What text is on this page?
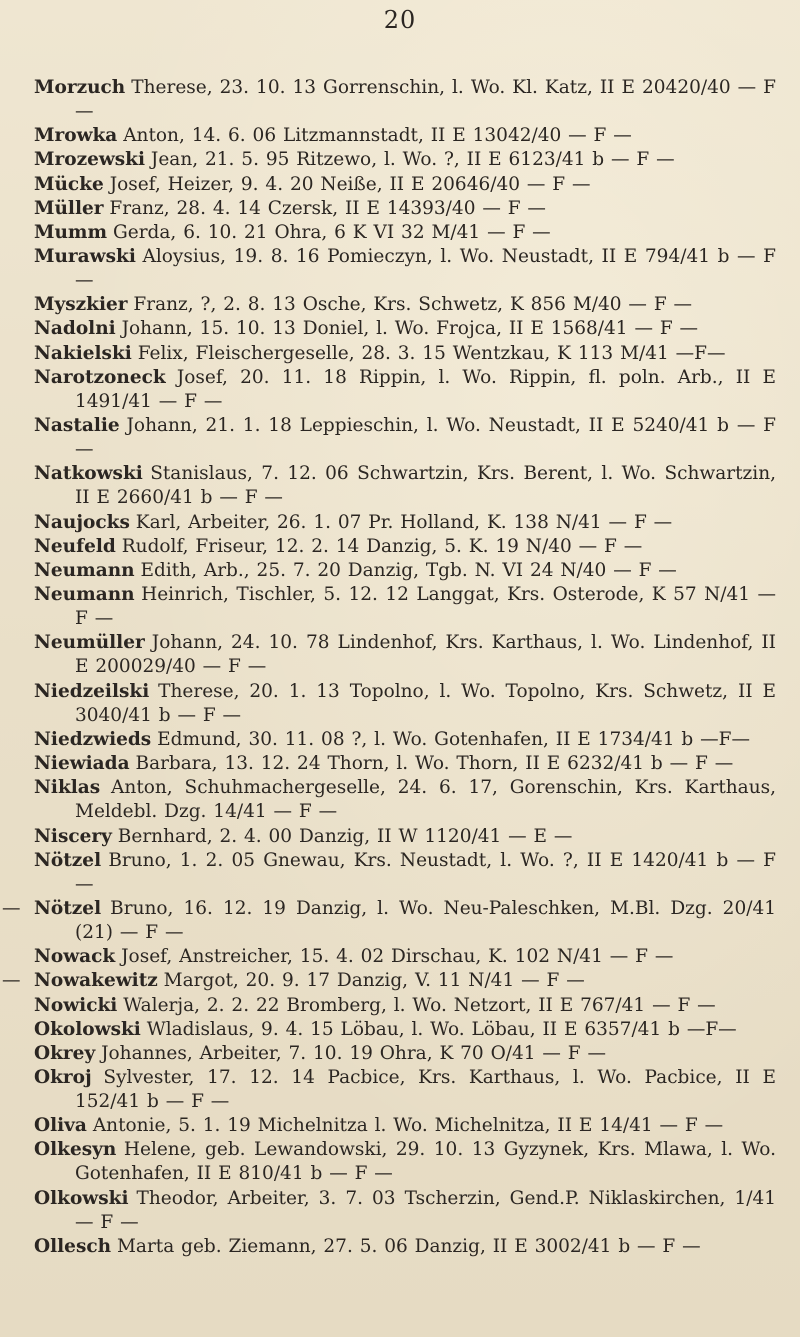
20
Morzuch Therese, 23. 10. 13 Gorrenschin, l. Wo. Kl. Katz, II E 20420/40 — F —
Mrowka Anton, 14. 6. 06 Litzmannstadt, II E 13042/40 — F —
Mrozewski Jean, 21. 5. 95 Ritzewo, l. Wo. ?, II E 6123/41 b — F —
Mücke Josef, Heizer, 9. 4. 20 Neiße, II E 20646/40 — F —
Müller Franz, 28. 4. 14 Czersk, II E 14393/40 — F —
Mumm Gerda, 6. 10. 21 Ohra, 6 K VI 32 M/41 — F —
Murawski Aloysius, 19. 8. 16 Pomieczyn, l. Wo. Neustadt, II E 794/41 b — F —
Myszkier Franz, ?, 2. 8. 13 Osche, Krs. Schwetz, K 856 M/40 — F —
Nadolni Johann, 15. 10. 13 Doniel, l. Wo. Frojca, II E 1568/41 — F —
Nakielski Felix, Fleischergeselle, 28. 3. 15 Wentzkau, K 113 M/41 —F—
Narotzoneck Josef, 20. 11. 18 Rippin, l. Wo. Rippin, fl. poln. Arb., II E 1491/41 — F —
Nastalie Johann, 21. 1. 18 Leppieschin, l. Wo. Neustadt, II E 5240/41 b — F —
Natkowski Stanislaus, 7. 12. 06 Schwartzin, Krs. Berent, l. Wo. Schwartzin, II E 2660/41 b — F —
Naujocks Karl, Arbeiter, 26. 1. 07 Pr. Holland, K. 138 N/41 — F —
Neufeld Rudolf, Friseur, 12. 2. 14 Danzig, 5. K. 19 N/40 — F —
Neumann Edith, Arb., 25. 7. 20 Danzig, Tgb. N. VI 24 N/40 — F —
Neumann Heinrich, Tischler, 5. 12. 12 Langgat, Krs. Osterode, K 57 N/41 — F —
Neumüller Johann, 24. 10. 78 Lindenhof, Krs. Karthaus, l. Wo. Lindenhof, II E 200029/40 — F —
Niedzeilski Therese, 20. 1. 13 Topolno, l. Wo. Topolno, Krs. Schwetz, II E 3040/41 b — F —
Niedzwieds Edmund, 30. 11. 08 ?, l. Wo. Gotenhafen, II E 1734/41 b —F—
Niewiada Barbara, 13. 12. 24 Thorn, l. Wo. Thorn, II E 6232/41 b — F —
Niklas Anton, Schuhmachergeselle, 24. 6. 17, Gorenschin, Krs. Karthaus, Meldebl. Dzg. 14/41 — F —
Niscery Bernhard, 2. 4. 00 Danzig, II W 1120/41 — E —
Nötzel Bruno, 1. 2. 05 Gnewau, Krs. Neustadt, l. Wo. ?, II E 1420/41 b — F —
— Nötzel Bruno, 16. 12. 19 Danzig, l. Wo. Neu-Paleschken, M.Bl. Dzg. 20/41 (21) — F —
Nowack Josef, Anstreicher, 15. 4. 02 Dirschau, K. 102 N/41 — F —
— Nowakewitz Margot, 20. 9. 17 Danzig, V. 11 N/41 — F —
Nowicki Walerja, 2. 2. 22 Bromberg, l. Wo. Netzort, II E 767/41 — F —
Okolowski Wladislaus, 9. 4. 15 Löbau, l. Wo. Löbau, II E 6357/41 b —F—
Okrey Johannes, Arbeiter, 7. 10. 19 Ohra, K 70 O/41 — F —
Okroj Sylvester, 17. 12. 14 Pacbice, Krs. Karthaus, l. Wo. Pacbice, II E 152/41 b — F —
Oliva Antonie, 5. 1. 19 Michelnitza l. Wo. Michelnitza, II E 14/41 — F —
Olkesyn Helene, geb. Lewandowski, 29. 10. 13 Gyzynek, Krs. Mlawa, l. Wo. Gotenhafen, II E 810/41 b — F —
Olkowski Theodor, Arbeiter, 3. 7. 03 Tscherzin, Gend.P. Niklaskirchen, 1/41 — F —
Ollesch Marta geb. Ziemann, 27. 5. 06 Danzig, II E 3002/41 b — F —
